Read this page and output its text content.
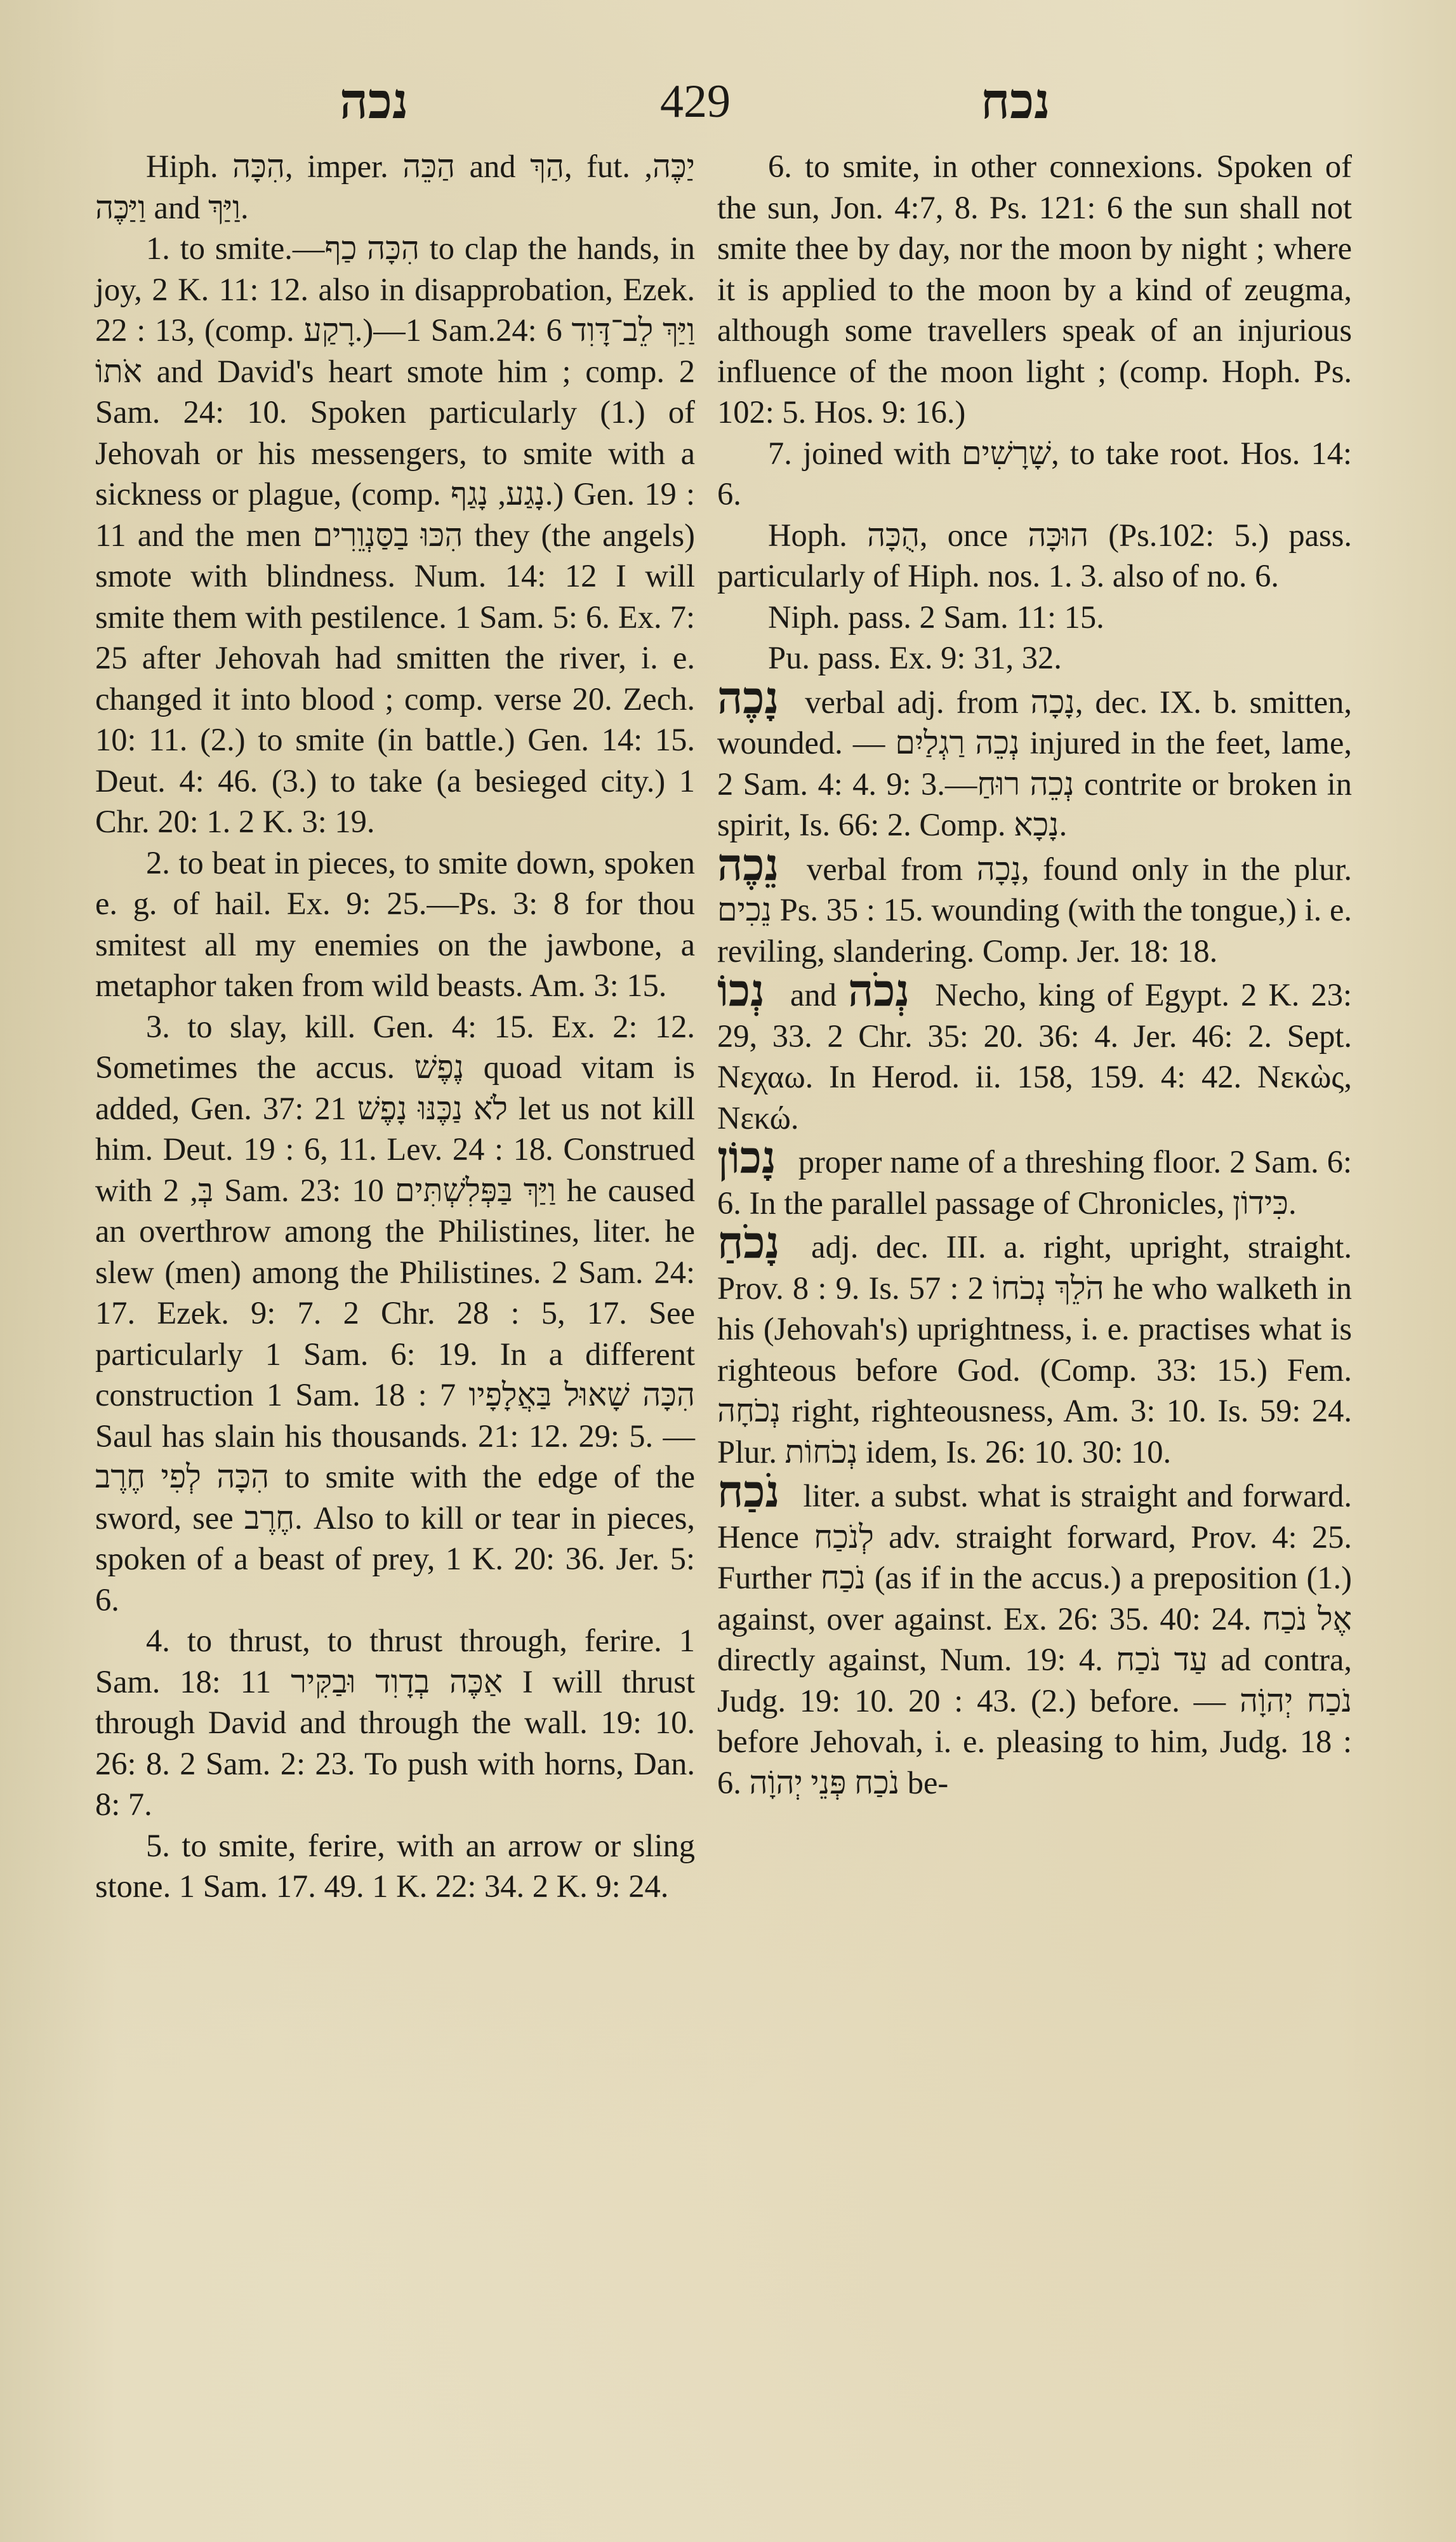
נכה	429	נכח

Hiph. הִכָּה, imper. הַכֵּה and הַךְ, fut. יַכֶּה, וַיַּכֶּה and וַיַּךְ.

1. to smite.—הִכָּה כַף to clap the hands, in joy, 2 K. 11: 12. also in disapprobation, Ezek. 22 : 13, (comp. רָקַע.)—1 Sam.24: 6 וַיַּךְ לֵב־דָּוִד אֹתוֹ and David's heart smote him ; comp. 2 Sam. 24: 10. Spoken particularly (1.) of Jehovah or his messengers, to smite with a sickness or plague, (comp. נָגַע, נָגַף.) Gen. 19 : 11 and the men הִכּוּ בַסַּנְוֵרִים they (the angels) smote with blindness. Num. 14: 12 I will smite them with pestilence. 1 Sam. 5: 6. Ex. 7: 25 after Jehovah had smitten the river, i. e. changed it into blood ; comp. verse 20. Zech. 10: 11. (2.) to smite (in battle.) Gen. 14: 15. Deut. 4: 46. (3.) to take (a besieged city.) 1 Chr. 20: 1. 2 K. 3: 19.

2. to beat in pieces, to smite down, spoken e. g. of hail. Ex. 9: 25.—Ps. 3: 8 for thou smitest all my enemies on the jawbone, a metaphor taken from wild beasts. Am. 3: 15.

3. to slay, kill. Gen. 4: 15. Ex. 2: 12. Sometimes the accus. נֶפֶשׁ quoad vitam is added, Gen. 37: 21 לֹא נַכֶּנּוּ נָפֶשׁ let us not kill him. Deut. 19 : 6, 11. Lev. 24 : 18. Construed with בְּ, 2 Sam. 23: 10 וַיַּךְ בַּפְּלִשְׁתִּים he caused an overthrow among the Philistines, liter. he slew (men) among the Philistines. 2 Sam. 24: 17. Ezek. 9: 7. 2 Chr. 28 : 5, 17. See particularly 1 Sam. 6: 19. In a different construction 1 Sam. 18 : 7 הִכָּה שָׁאוּל בַּאֲלָפָיו Saul has slain his thousands. 21: 12. 29: 5. — הִכָּה לְפִי חֶרֶב to smite with the edge of the sword, see חֶרֶב. Also to kill or tear in pieces, spoken of a beast of prey, 1 K. 20: 36. Jer. 5: 6.

4. to thrust, to thrust through, ferire. 1 Sam. 18: 11 אַכֶּה בְדָוִד וּבַקִּיר I will thrust through David and through the wall. 19: 10. 26: 8. 2 Sam. 2: 23. To push with horns, Dan. 8: 7.

5. to smite, ferire, with an arrow or sling stone. 1 Sam. 17. 49. 1 K. 22: 34. 2 K. 9: 24.

6. to smite, in other connexions. Spoken of the sun, Jon. 4:7, 8. Ps. 121: 6 the sun shall not smite thee by day, nor the moon by night ; where it is applied to the moon by a kind of zeugma, although some travellers speak of an injurious influence of the moon light ; (comp. Hoph. Ps. 102: 5. Hos. 9: 16.)

7. joined with שָׁרָשִׁים, to take root. Hos. 14: 6.

Hoph. הֻכָּה, once הוּכָּה (Ps.102: 5.) pass. particularly of Hiph. nos. 1. 3. also of no. 6.

Niph. pass. 2 Sam. 11: 15.

Pu. pass. Ex. 9: 31, 32.

נָכֶה verbal adj. from נָכָה, dec. IX. b. smitten, wounded. — נְכֵה רַגְלַיִם injured in the feet, lame, 2 Sam. 4: 4. 9: 3.—נְכֵה רוּחַ contrite or broken in spirit, Is. 66: 2. Comp. נָכָא.

נֵכֶה verbal from נָכָה, found only in the plur. נֵכִים Ps. 35 : 15. wounding (with the tongue,) i. e. reviling, slandering. Comp. Jer. 18: 18.

נְכוֹ and נְכֹה Necho, king of Egypt. 2 K. 23: 29, 33. 2 Chr. 35: 20. 36: 4. Jer. 46: 2. Sept. Νεχαω. In Herod. ii. 158, 159. 4: 42. Νεκὼς, Νεκώ.

נָכוֹן proper name of a threshing floor. 2 Sam. 6: 6. In the parallel passage of Chronicles, כִּידוֹן.

נָכֹחַ adj. dec. III. a. right, upright, straight. Prov. 8 : 9. Is. 57 : 2 הֹלֵךְ נְכֹחוֹ he who walketh in his (Jehovah's) uprightness, i. e. practises what is righteous before God. (Comp. 33: 15.) Fem. נְכֹחָה right, righteousness, Am. 3: 10. Is. 59: 24. Plur. נְכֹחוֹת idem, Is. 26: 10. 30: 10.

נֹכַח liter. a subst. what is straight and forward. Hence לְנֹכַח adv. straight forward, Prov. 4: 25. Further נֹכַח (as if in the accus.) a preposition (1.) against, over against. Ex. 26: 35. 40: 24. אֶל נֹכַח directly against, Num. 19: 4. עַד נֹכַח ad contra, Judg. 19: 10. 20 : 43. (2.) before. — נֹכַח יְהוָֹה before Jehovah, i. e. pleasing to him, Judg. 18 : 6. נֹכַח פְּנֵי יְהוָֹה be-
